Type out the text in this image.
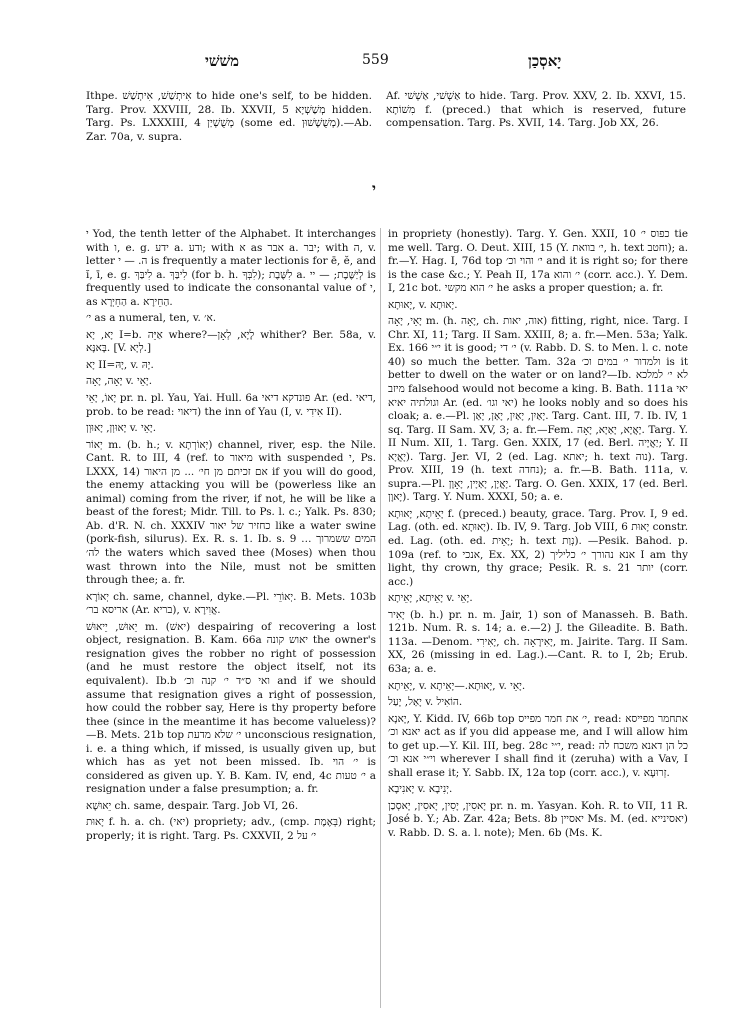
משׁשׁי	559	יָאסְכַן
Ithpe. אִיתְשַׁשׁ, אִיתְשַׁשׁ to hide one's self, to be hidden. Targ. Prov. XXVIII, 28. Ib. XXVII, 5 מְשַׁשְׁיָא hidden. Targ. Ps. LXXXIII, 4 מְשֻׁשְׁיַן (some ed. מְשֻׁשָׁשׁוּן).—Ab. Zar. 70a, v. supra.
Af. אַשְׁשׁי, אַשְׁשׁי to hide. Targ. Prov. XXV, 2. Ib. XXVI, 15. מִשׁוֹתָא f. (preced.) that which is reserved, future compensation. Targ. Ps. XVII, 14. Targ. Job XX, 26.
י

י Yod, the tenth letter of the Alphabet. It interchanges with ו, e. g. ידע a. ודע; with א as אבר a. יבר; with ה, v. letter ה. — י is frequently a mater lectionis for ē, ĕ, and ĭ, ī, e. g. לִיבַּךְ a. לִיבַּךְ (for b. h. לִבְּךָ); לִשֶּׁבֶת a. לְיַשֶּׁבֶת; — יי is frequently used to indicate the consonantal value of י, as הַחֵיְרָא a. הַחֵירָא.

י׳ as a numeral, ten, v. א׳.

יָא, יָא I=b. אַיֵּה where?—לָיָא, לְאָן whither? Ber. 58a, v. בָּאנָּא. [V. לְיָא.]

יָא II=יָהּ, v. יָהּ.

יָאָה, יָאָה v. יָאֵי.

יָאוֹ, יָאֵי pr. n. pl. Yau, Yai. Hull. 6a פונדקא דיאי Ar. (ed. דיאי, prob. to be read: דיאוי) the inn of Yau (I, v. אִידִי II).

יָאוּוְן, יָאוּוְן v. יָאֵי.

יְאוֹר m. (b. h.; v. יְאוֹרְתָא) channel, river, esp. the Nile. Cant. R. to III, 4 (ref. to מיאור with suspended י, Ps. LXXX, 14) אם זכיתם מן חי׳ ... מן היאור if you will do good, the enemy attacking you will be (powerless like an animal) coming from the river, if not, he will be like a beast of the forest; Midr. Till. to Ps. l. c.; Yalk. Ps. 830; Ab. d'R. N. ch. XXXIV כחזיר של יאור like a water swine (pork-fish, silurus). Ex. R. s. 1. Ib. s. 9 המים ששמרוך … לה׳ the waters which saved thee (Moses) when thou wast thrown into the Nile, must not be smitten through thee; a. fr.

יְאוֹרָא ch. same, channel, dyke.—Pl. יְאוֹרֵי. B. Mets. 103b אריסא בר׳ (Ar. בריא), v. אֲוִירָא.

יֵאוּשׁ, יֵיאוּשׁ m. (יאשׁ) despairing of recovering a lost object, resignation. B. Kam. 66a יאוש קונה the owner's resignation gives the robber no right of possession (and he must restore the object itself, not its equivalent). Ib.b ואי ס״ד י׳ קנה וכ׳ and if we should assume that resignation gives a right of possession, how could the robber say, Here is thy property before thee (since in the meantime it has become valueless)?—B. Mets. 21b top י׳ שלא מדעת unconscious resignation, i. e. a thing which, if missed, is usually given up, but which has as yet not been missed. Ib. י׳ הוי is considered as given up. Y. B. Kam. IV, end, 4c י׳ טעות a resignation under a false presumption; a. fr.

יֵאוּשָׁא ch. same, despair. Targ. Job VI, 26.

יָאוּת f. h. a. ch. (יאי) propriety; adv., (cmp. בְּאֶמֶת) right; properly; it is right. Targ. Ps. CXXVII, 2 י׳ על

in propriety (honestly). Targ. Y. Gen. XXII, 10 כפוס י׳ tie me well. Targ. O. Deut. XIII, 15 (Y. י׳ בוואת, h. text וחטב); a. fr.—Y. Hag. I, 76d top י׳ והוי וכ׳ and it is right so; for there is the case &c.; Y. Peah II, 17a י׳ והוא (corr. acc.). Y. Dem. I, 21c bot. י׳ הוא מקשי he asks a proper question; a. fr.

יָאוּתָא, v. יָאוּתָא.

יָאֵי, יָאָה m. (h. יָאָה, ch. אוה, יאות) fitting, right, nice. Targ. I Chr. XI, 11; Targ. II Sam. XXIII, 8; a. fr.—Men. 53a; Yalk. Ex. 166 י״י it is good; י׳ די (v. Rabb. D. S. to Men. l. c. note 40) so much the better. Tam. 32a ולמדור י׳ במים וכ׳ is it better to dwell on the water or on land?—Ib. לא י׳ למלכא מיזב falsehood would not become a king. B. Bath. 111a יאי וגולתיה יאיא Ar. (ed. יאי וגו׳) he looks nobly and so does his cloak; a. e.—Pl. יָאַיִן, יָאַיִן, יָאַן, יָאַן. Targ. Cant. III, 7. Ib. IV, 1 sq. Targ. II Sam. XV, 3; a. fr.—Fem. יָאֲיָא, יָאַיָא, יָאָה. Targ. Y. II Num. XII, 1. Targ. Gen. XXIX, 17 (ed. Berl. יַאֲיָיה; Y. II יָאֲיָא). Targ. Jer. VI, 2 (ed. Lag. יאתא; h. text נוה). Targ. Prov. XIII, 19 (h. text נחדה); a. fr.—B. Bath. 111a, v. supra.—Pl. יָאֲיָן, יָאַיָין, יָאָוָן. Targ. O. Gen. XXIX, 17 (ed. Berl. יָאוָן). Targ. Y. Num. XXXI, 50; a. e.

יָאֵיתָא, יָאוּתָא f. (preced.) beauty, grace. Targ. Prov. I, 9 ed. Lag. (oth. ed. יָאוּתָא). Ib. IV, 9. Targ. Job VIII, 6 יָאוּת constr. ed. Lag. (oth. ed. יָאֵית; h. text נְוַת). —Pesik. Bahod. p. 109a (ref. to אנכי, Ex. XX, 2) אנא נהורך י׳ כליליך I am thy light, thy crown, thy grace; Pesik. R. s. 21 יותר (corr. acc.)

יָאֵיתָא, יָאֵיתָא v. יָאֵי.

יָאִיר (b. h.) pr. n. m. Jair, 1) son of Manasseh. B. Bath. 121b. Num. R. s. 14; a. e.—2) J. the Gileadite. B. Bath. 113a. —Denom. יָאִירִי, ch. יָאִירָאָה, m. Jairite. Targ. II Sam. XX, 26 (missing in ed. Lag.).—Cant. R. to I, 2b; Erub. 63a; a. e.

יָאֵיתָא, v. יָאוּתָא.—יָאֵיתָא, v. יָאֵי.

יָאַל, יָעַל v. הוֹאִיל.

יָאנָא, Y. Kidd. IV, 66b top י׳ את חמר מפייס, read: אתחמר מפייסא יאנא וכ׳ act as if you did appease me, and I will allow him to get up.—Y. Kil. III, beg. 28c י״י, read: כל הן דאנא משכח לה וי״י אנא וכ׳ wherever I shall find it (zeruha) with a Vav, I shall erase it; Y. Sabb. IX, 12a top (corr. acc.), v. זְרוּעָא.

יָאנִיבָא v. יְנִיבָא.

יָאסִין, יָסִין, יָאסִין, יָאסְכַן pr. n. m. Yasyan. Koh. R. to VII, 11 R. José b. Y.; Ab. Zar. 42a; Bets. 8b יאסיין Ms. M. (ed. יאסינייא) v. Rabb. D. S. a. l. note); Men. 6b (Ms. K.
